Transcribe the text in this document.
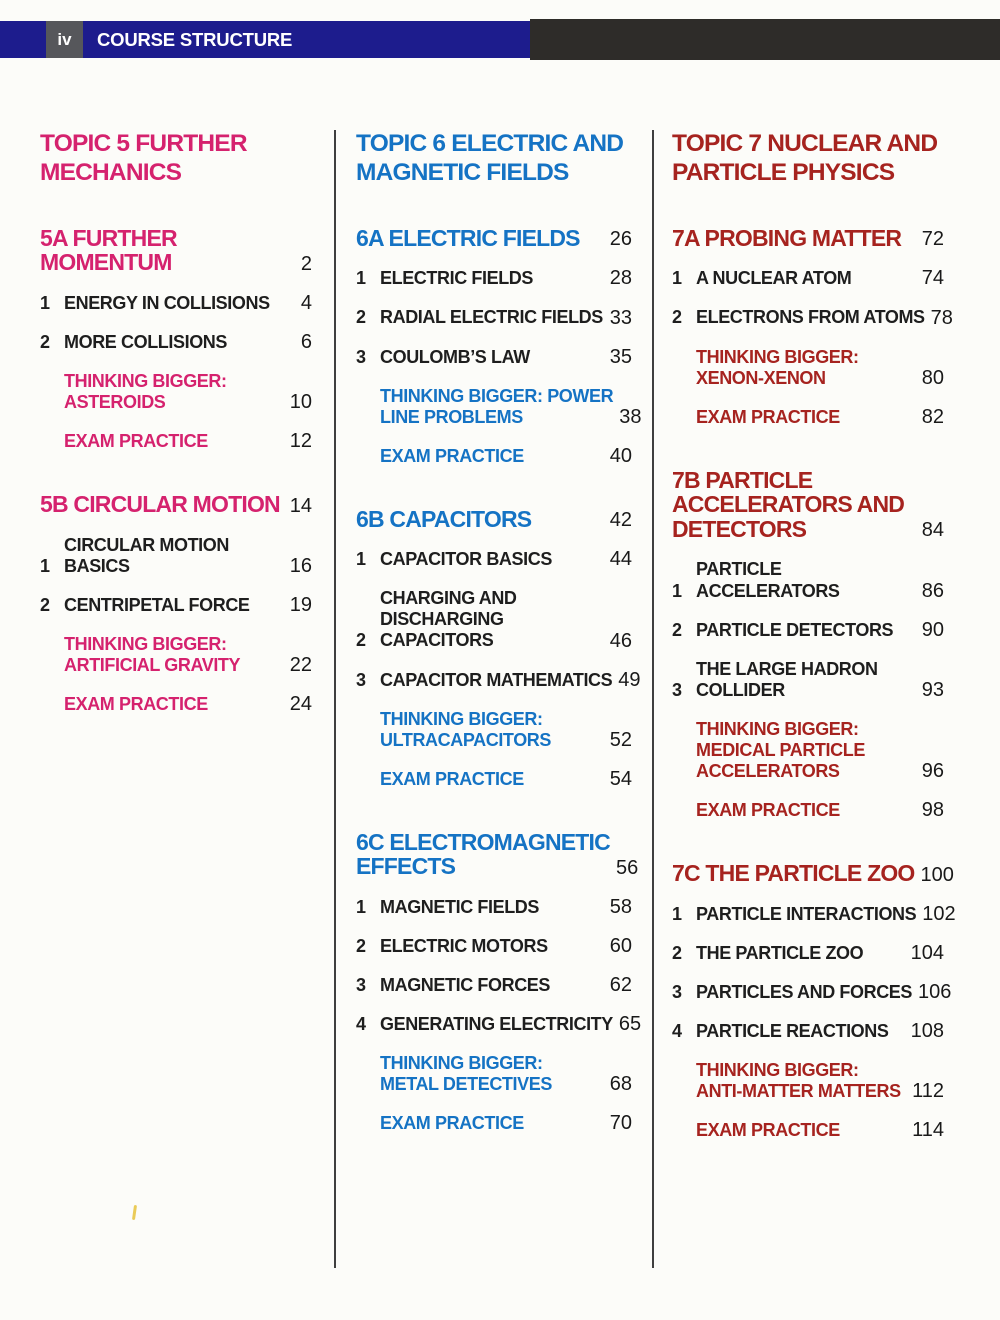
iv	COURSE STRUCTURE
TOPIC 5 FURTHER
MECHANICS
5A FURTHER
MOMENTUM	2
1 ENERGY IN COLLISIONS	4
2 MORE COLLISIONS	6
THINKING BIGGER:
ASTEROIDS	10
EXAM PRACTICE	12
5B CIRCULAR MOTION 14
1
CIRCULAR MOTION
BASICS	16
2 CENTRIPETAL FORCE	19
THINKING BIGGER:
ARTIFICIAL GRAVITY	22
EXAM PRACTICE	24
TOPIC 6 ELECTRIC AND
MAGNETIC FIELDS
6A ELECTRIC FIELDS	26
1 ELECTRIC FIELDS	28
2 RADIAL ELECTRIC FIELDS 33
3 COULOMB’S LAW	35
THINKING BIGGER: POWER
LINE PROBLEMS	38
EXAM PRACTICE	40
6B CAPACITORS	42
1 CAPACITOR BASICS	44
2
CHARGING AND
DISCHARGING
CAPACITORS	46
3 CAPACITOR MATHEMATICS 49
THINKING BIGGER:
ULTRACAPACITORS	52
EXAM PRACTICE	54
6C ELECTROMAGNETIC
EFFECTS	56
1 MAGNETIC FIELDS	58
2 ELECTRIC MOTORS	60
3 MAGNETIC FORCES	62
4 GENERATING ELECTRICITY 65
THINKING BIGGER:
METAL DETECTIVES	68
EXAM PRACTICE	70
TOPIC 7 NUCLEAR AND
PARTICLE PHYSICS
7A PROBING MATTER	72
1 A NUCLEAR ATOM	74
2 ELECTRONS FROM ATOMS 78
THINKING BIGGER:
XENON-XENON	80
EXAM PRACTICE	82
7B PARTICLE
ACCELERATORS AND
DETECTORS	84
1
PARTICLE
ACCELERATORS	86
2 PARTICLE DETECTORS	90
3
THE LARGE HADRON
COLLIDER	93
THINKING BIGGER:
MEDICAL PARTICLE
ACCELERATORS	96
EXAM PRACTICE	98
7C THE PARTICLE ZOO 100
1 PARTICLE INTERACTIONS 102
2 THE PARTICLE ZOO	104
3 PARTICLES AND FORCES 106
4 PARTICLE REACTIONS	108
THINKING BIGGER:
ANTI-MATTER MATTERS 112
EXAM PRACTICE	114
